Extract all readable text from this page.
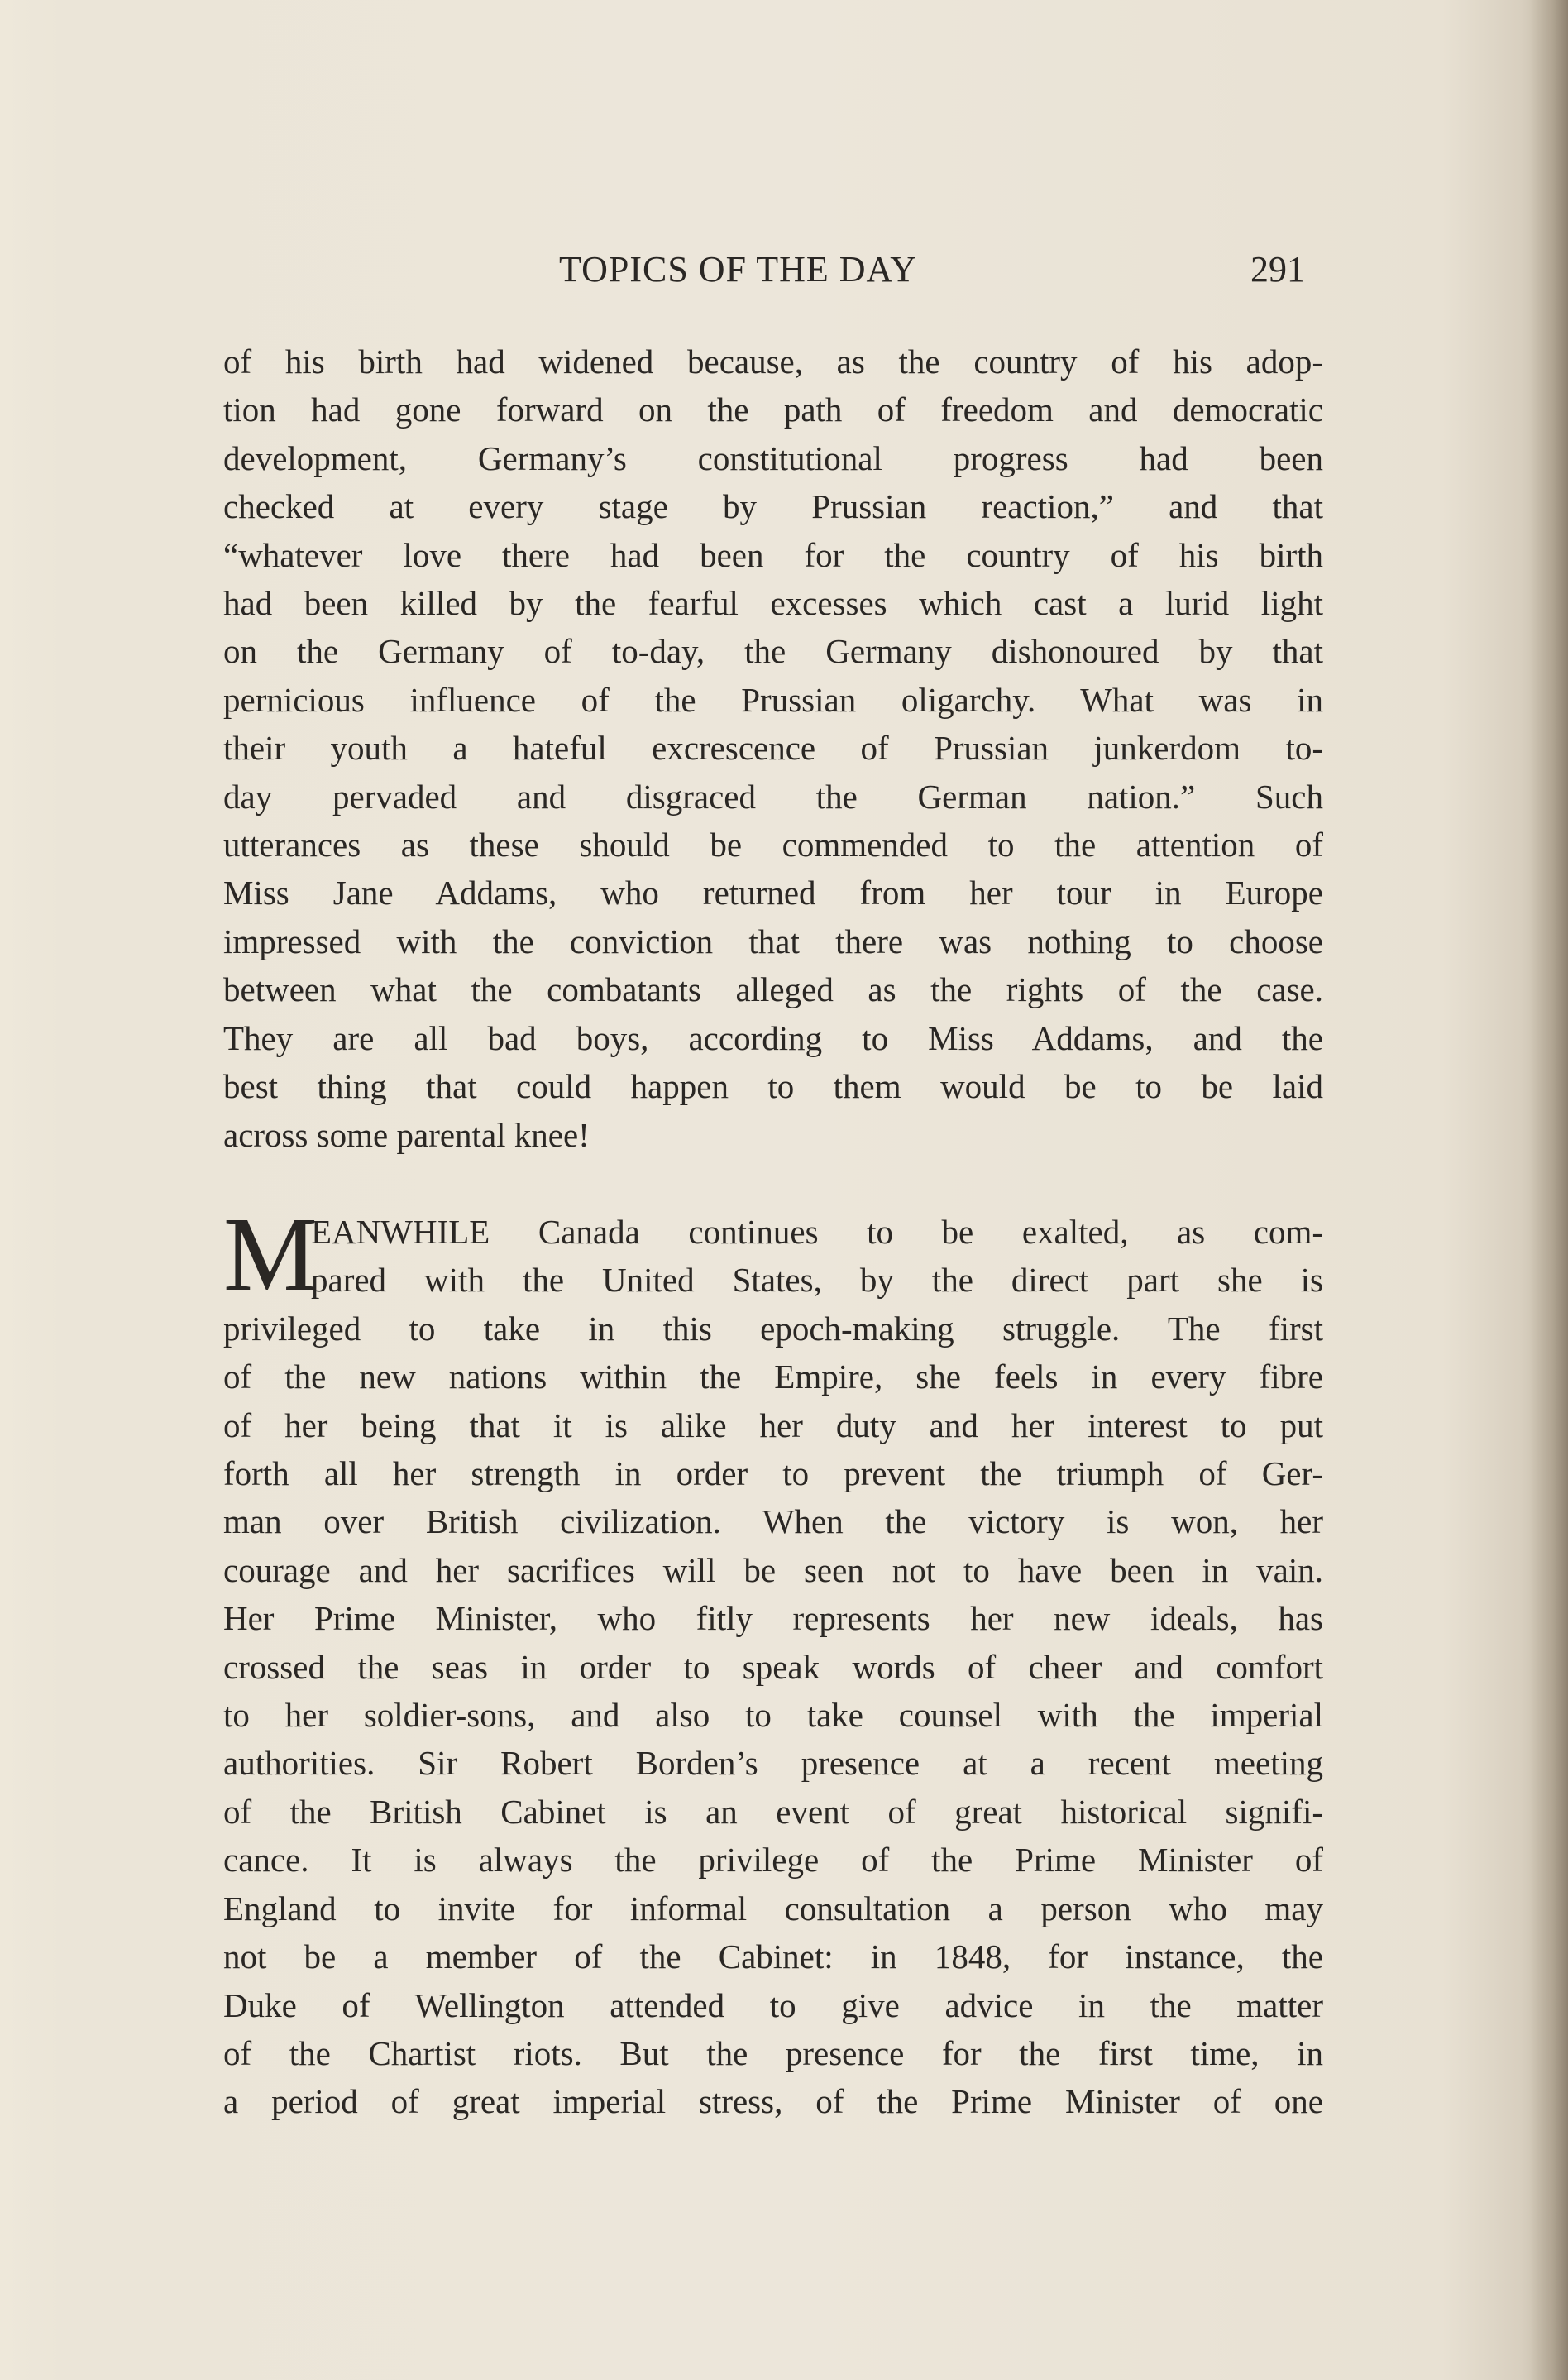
TOPICS OF THE DAY	291
of his birth had widened because, as the country of his adop-
tion had gone forward on the path of freedom and democratic
development, Germany’s constitutional progress had been
checked at every stage by Prussian reaction,” and that
“whatever love there had been for the country of his birth
had been killed by the fearful excesses which cast a lurid light
on the Germany of to-day, the Germany dishonoured by that
pernicious influence of the Prussian oligarchy. What was in
their youth a hateful excrescence of Prussian junkerdom to-
day pervaded and disgraced the German nation.” Such
utterances as these should be commended to the attention of
Miss Jane Addams, who returned from her tour in Europe
impressed with the conviction that there was nothing to choose
between what the combatants alleged as the rights of the case.
They are all bad boys, according to Miss Addams, and the
best thing that could happen to them would be to be laid
across some parental knee!
M
EANWHILE Canada continues to be exalted, as com-
pared with the United States, by the direct part she is
privileged to take in this epoch-making struggle. The first
of the new nations within the Empire, she feels in every fibre
of her being that it is alike her duty and her interest to put
forth all her strength in order to prevent the triumph of Ger-
man over British civilization. When the victory is won, her
courage and her sacrifices will be seen not to have been in vain.
Her Prime Minister, who fitly represents her new ideals, has
crossed the seas in order to speak words of cheer and comfort
to her soldier-sons, and also to take counsel with the imperial
authorities. Sir Robert Borden’s presence at a recent meeting
of the British Cabinet is an event of great historical signifi-
cance. It is always the privilege of the Prime Minister of
England to invite for informal consultation a person who may
not be a member of the Cabinet: in 1848, for instance, the
Duke of Wellington attended to give advice in the matter
of the Chartist riots. But the presence for the first time, in
a period of great imperial stress, of the Prime Minister of one
